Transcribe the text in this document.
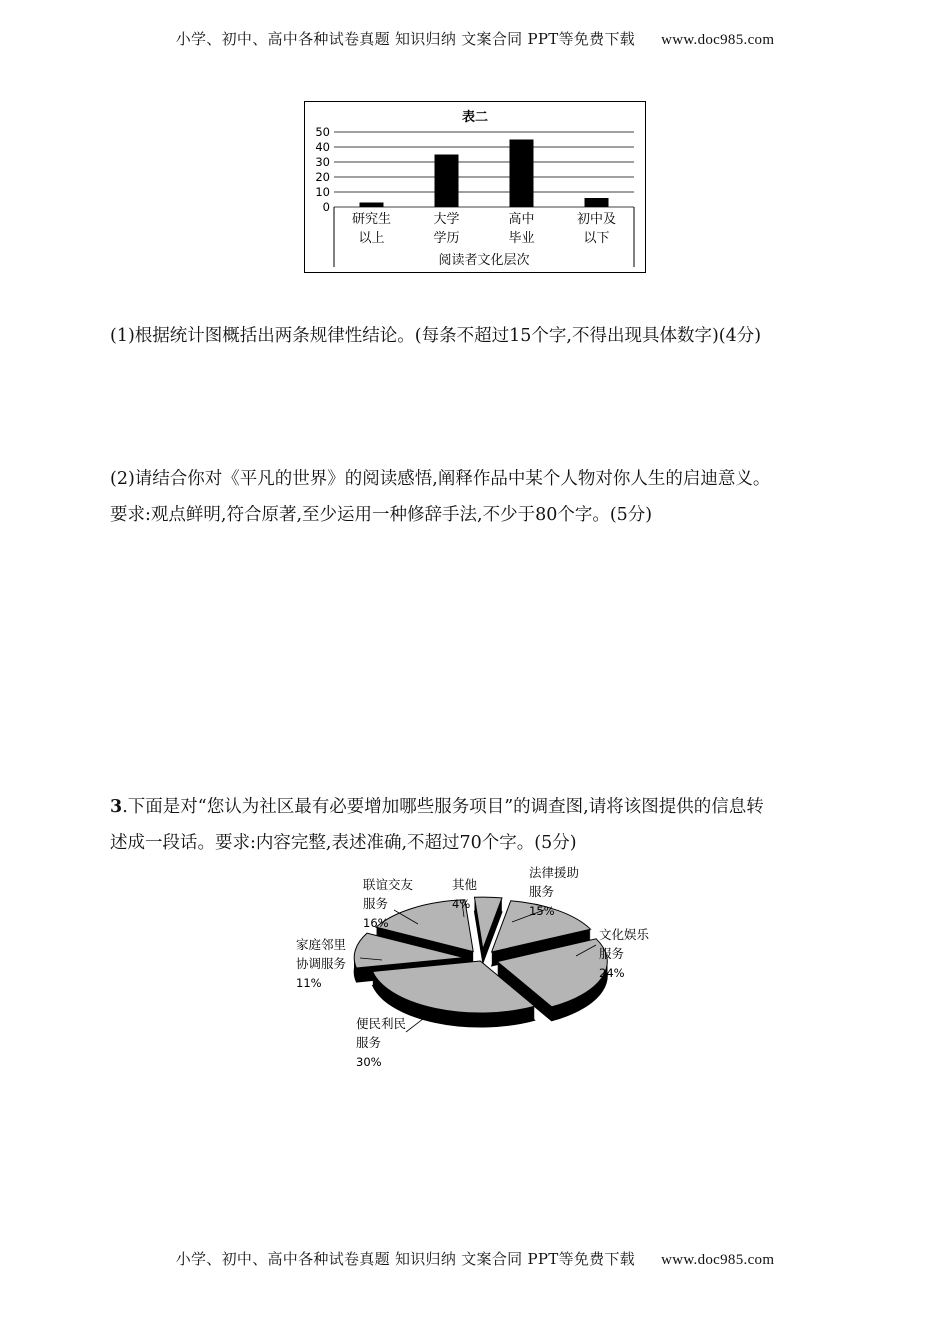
小学、初中、高中各种试卷真题 知识归纳 文案合同 PPT等免费下载 www.doc985.com
表二
0
10
20
30
40
50
研究生
以上
大学
学历
高中
毕业
初中及
以下
阅读者文化层次

(1)根据统计图概括出两条规律性结论。(每条不超过15个字,不得出现具体数字)(4分)

(2)请结合你对《平凡的世界》的阅读感悟,阐释作品中某个人物对你人生的启迪意义。

要求:观点鲜明,符合原著,至少运用一种修辞手法,不少于80个字。(5分)

3.下面是对“您认为社区最有必要增加哪些服务项目”的调查图,请将该图提供的信息转

述成一段话。要求:内容完整,表述准确,不超过70个字。(5分)

法律援助
服务
15%
文化娱乐
服务
24%
便民利民
服务
30%
家庭邻里
协调服务
11%
联谊交友
服务
16%
其他
4%
小学、初中、高中各种试卷真题 知识归纳 文案合同 PPT等免费下载 www.doc985.com
